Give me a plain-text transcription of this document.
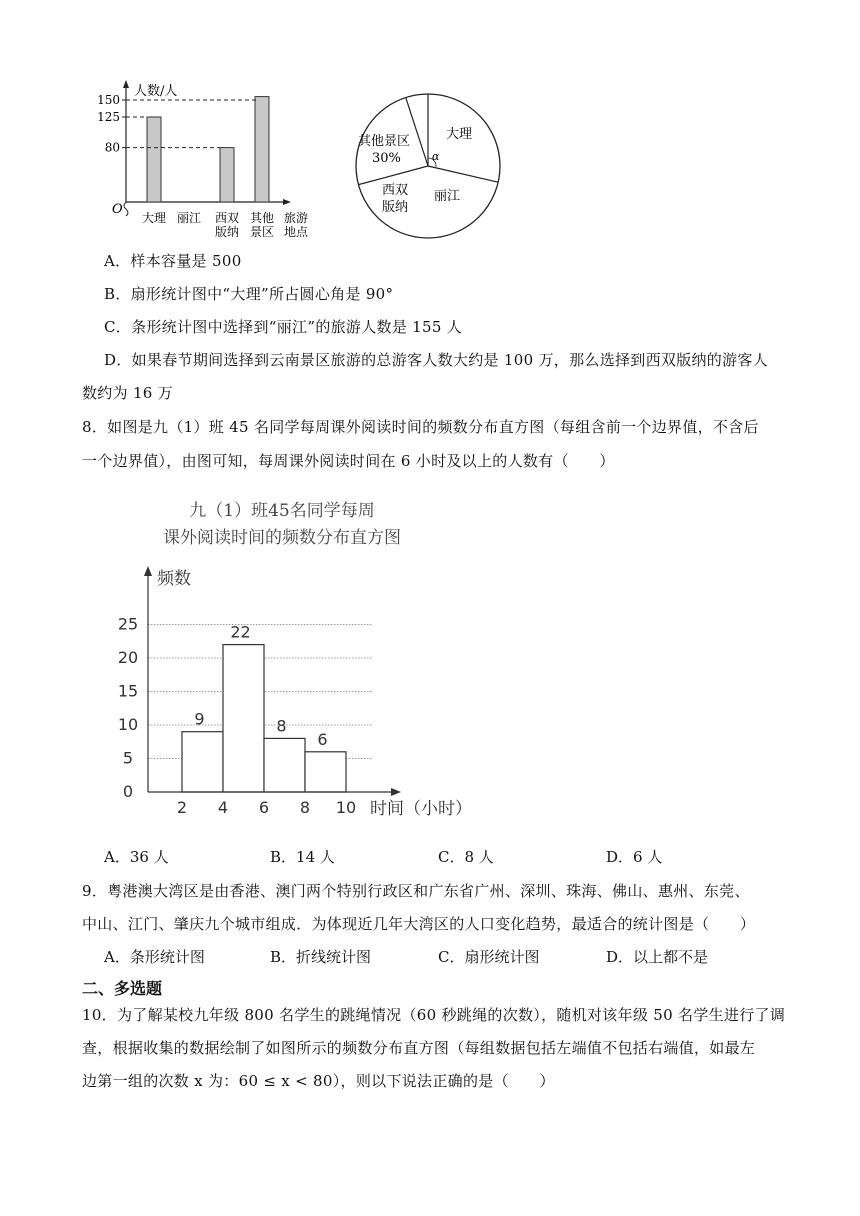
O
人数/人
80
125
150
大理 丽江 西双
版纳
其他
景区
旅游
地点
其他景区
30%
大理
α
西双
版纳
丽江
A．样本容量是 500
B．扇形统计图中“大理”所占圆心角是 90°
C．条形统计图中选择到“丽江”的旅游人数是 155 人
D．如果春节期间选择到云南景区旅游的总游客人数大约是 100 万，那么选择到西双版纳的游客人
数约为 16 万
8．如图是九（1）班 45 名同学每周课外阅读时间的频数分布直方图（每组含前一个边界值，不含后
一个边界值），由图可知，每周课外阅读时间在 6 小时及以上的人数有（　　）
九（1）班45名同学每周
课外阅读时间的频数分布直方图
0
5
10
15
20
25
2 4 6 8 10
9
22
8
6
频数
时间（小时）
A．36 人	B．14 人	C．8 人	D．6 人
9．粤港澳大湾区是由香港、澳门两个特别行政区和广东省广州、深圳、珠海、佛山、惠州、东莞、
中山、江门、肇庆九个城市组成．为体现近几年大湾区的人口变化趋势，最适合的统计图是（　　）
A．条形统计图	B．折线统计图	C．扇形统计图	D．以上都不是
二、多选题
10．为了解某校九年级 800 名学生的跳绳情况（60 秒跳绳的次数），随机对该年级 50 名学生进行了调
查，根据收集的数据绘制了如图所示的频数分布直方图（每组数据包括左端值不包括右端值，如最左
边第一组的次数 x 为：60 ≤ x < 80），则以下说法正确的是（　　）
